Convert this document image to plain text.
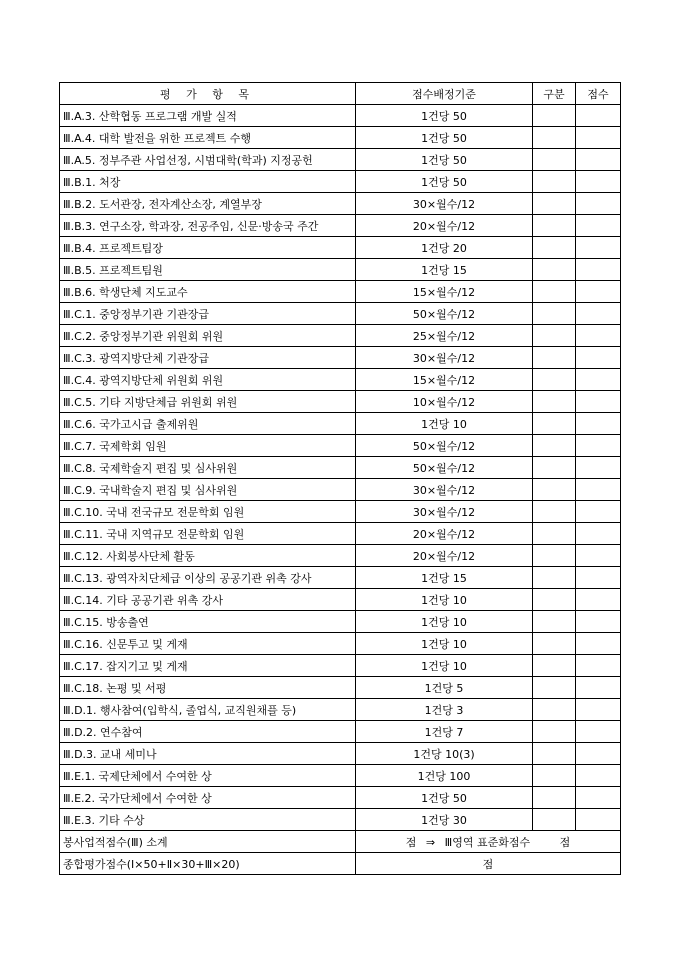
평 가 항 목	점수배정기준	구분	점수
Ⅲ.A.3. 산학협동 프로그램 개발 실적	1건당 50		
Ⅲ.A.4. 대학 발전을 위한 프로젝트 수행	1건당 50		
Ⅲ.A.5. 정부주관 사업선정, 시범대학(학과) 지정공헌	1건당 50		
Ⅲ.B.1. 처장	1건당 50		
Ⅲ.B.2. 도서관장, 전자계산소장, 계열부장	30×월수/12		
Ⅲ.B.3. 연구소장, 학과장, 전공주임, 신문·방송국 주간	20×월수/12		
Ⅲ.B.4. 프로젝트팀장	1건당 20		
Ⅲ.B.5. 프로젝트팀원	1건당 15		
Ⅲ.B.6. 학생단체 지도교수	15×월수/12		
Ⅲ.C.1. 중앙정부기관 기관장급	50×월수/12		
Ⅲ.C.2. 중앙정부기관 위원회 위원	25×월수/12		
Ⅲ.C.3. 광역지방단체 기관장급	30×월수/12		
Ⅲ.C.4. 광역지방단체 위원회 위원	15×월수/12		
Ⅲ.C.5. 기타 지방단체급 위원회 위원	10×월수/12		
Ⅲ.C.6. 국가고시급 출제위원	1건당 10		
Ⅲ.C.7. 국제학회 임원	50×월수/12		
Ⅲ.C.8. 국제학술지 편집 및 심사위원	50×월수/12		
Ⅲ.C.9. 국내학술지 편집 및 심사위원	30×월수/12		
Ⅲ.C.10. 국내 전국규모 전문학회 임원	30×월수/12		
Ⅲ.C.11. 국내 지역규모 전문학회 임원	20×월수/12		
Ⅲ.C.12. 사회봉사단체 활동	20×월수/12		
Ⅲ.C.13. 광역자치단체급 이상의 공공기관 위촉 강사	1건당 15		
Ⅲ.C.14. 기타 공공기관 위촉 강사	1건당 10		
Ⅲ.C.15. 방송출연	1건당 10		
Ⅲ.C.16. 신문투고 및 게재	1건당 10		
Ⅲ.C.17. 잡지기고 및 게재	1건당 10		
Ⅲ.C.18. 논평 및 서평	1건당 5		
Ⅲ.D.1. 행사참여(입학식, 졸업식, 교직원채플 등)	1건당 3		
Ⅲ.D.2. 연수참여	1건당 7		
Ⅲ.D.3. 교내 세미나	1건당 10(3)		
Ⅲ.E.1. 국제단체에서 수여한 상	1건당 100		
Ⅲ.E.2. 국가단체에서 수여한 상	1건당 50		
Ⅲ.E.3. 기타 수상	1건당 30		
봉사업적점수(Ⅲ) 소계	점 ⇒ Ⅲ영역 표준화점수 점		
종합평가점수(Ⅰ×50+Ⅱ×30+Ⅲ×20)	점		
